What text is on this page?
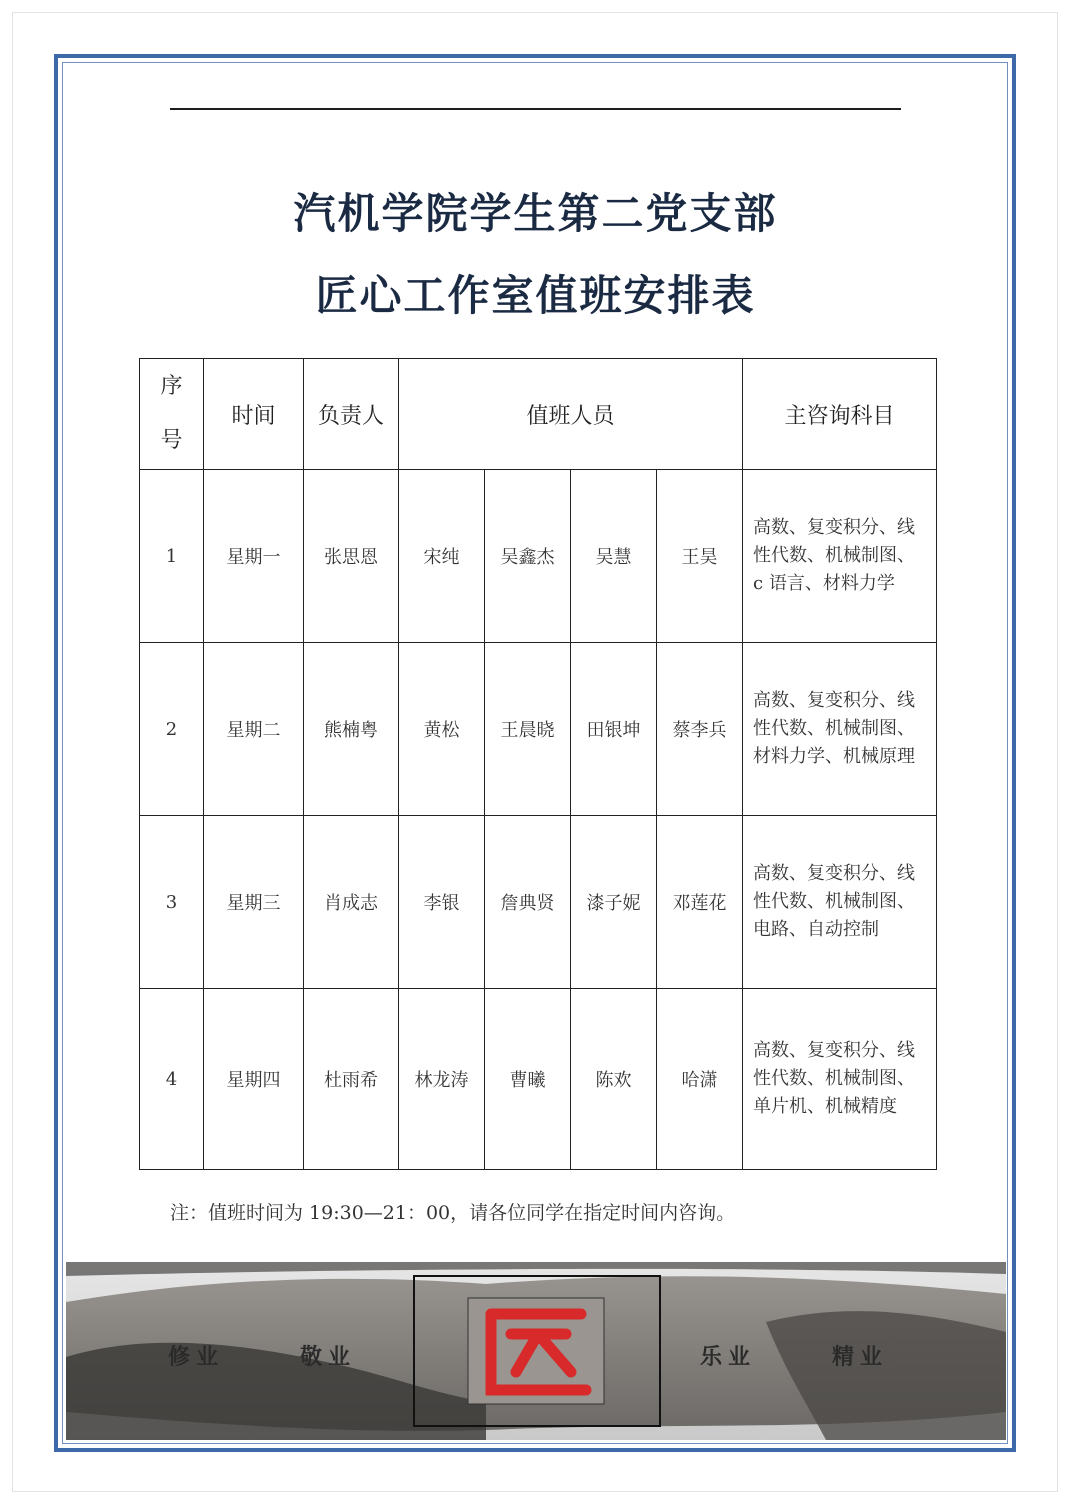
汽机学院学生第二党支部
匠心工作室值班安排表
序
号	时间	负责人	值班人员				主咨询科目
1	星期一	张思恩	宋纯	吴鑫杰	吴慧	王昊	高数、复变积分、线
性代数、机械制图、
c 语言、材料力学

2	星期二	熊楠粤	黄松	王晨晓	田银坤	蔡李兵	高数、复变积分、线
性代数、机械制图、
材料力学、机械原理

3	星期三	肖成志	李银	詹典贤	漆子妮	邓莲花	高数、复变积分、线
性代数、机械制图、
电路、自动控制

4	星期四	杜雨希	林龙涛	曹曦	陈欢	哈潇	高数、复变积分、线
性代数、机械制图、
单片机、机械精度
注：值班时间为 19:30—21：00，请各位同学在指定时间内咨询。
修业	敬业	乐业	精业
